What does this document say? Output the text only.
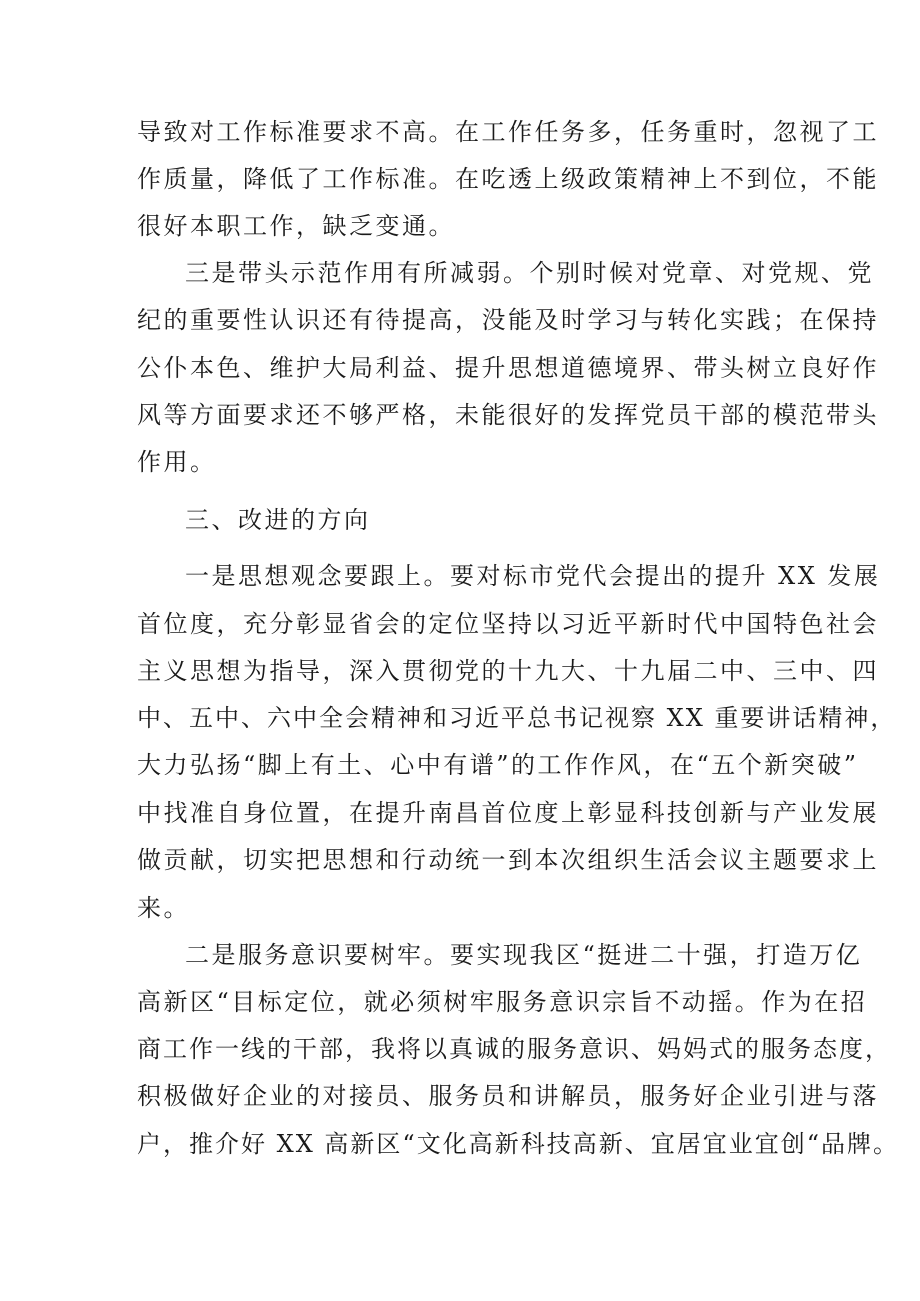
导致对工作标准要求不高。在工作任务多，任务重时，忽视了工
作质量，降低了工作标准。在吃透上级政策精神上不到位，不能
很好本职工作，缺乏变通。
三是带头示范作用有所减弱。个别时候对党章、对党规、党
纪的重要性认识还有待提高，没能及时学习与转化实践；在保持
公仆本色、维护大局利益、提升思想道德境界、带头树立良好作
风等方面要求还不够严格，未能很好的发挥党员干部的模范带头
作用。
三、改进的方向
一是思想观念要跟上。要对标市党代会提出的提升 XX 发展
首位度，充分彰显省会的定位坚持以习近平新时代中国特色社会
主义思想为指导，深入贯彻党的十九大、十九届二中、三中、四
中、五中、六中全会精神和习近平总书记视察 XX 重要讲话精神，
大力弘扬“脚上有土、心中有谱”的工作作风，在“五个新突破”
中找准自身位置，在提升南昌首位度上彰显科技创新与产业发展
做贡献，切实把思想和行动统一到本次组织生活会议主题要求上
来。
二是服务意识要树牢。要实现我区“挺进二十强，打造万亿
高新区“目标定位，就必须树牢服务意识宗旨不动摇。作为在招
商工作一线的干部，我将以真诚的服务意识、妈妈式的服务态度，
积极做好企业的对接员、服务员和讲解员，服务好企业引进与落
户，推介好 XX 高新区“文化高新科技高新、宜居宜业宜创“品牌。
